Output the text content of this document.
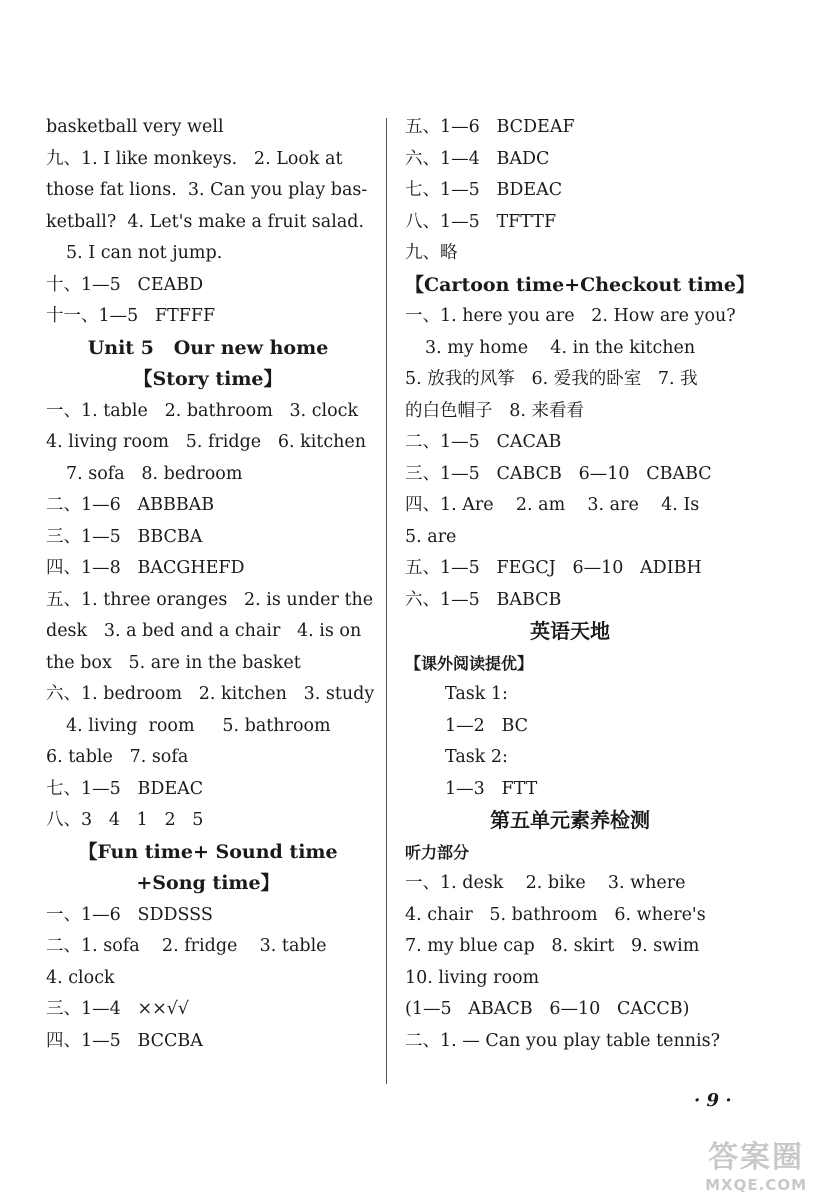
basketball very well
九、1. I like monkeys.   2. Look at
those fat lions.  3. Can you play bas-
ketball?  4. Let's make a fruit salad.
5. I can not jump.
十、1—5   CEABD
十一、1—5   FTFFF
Unit 5   Our new home
【Story time】
一、1. table   2. bathroom   3. clock
4. living room   5. fridge   6. kitchen
7. sofa   8. bedroom
二、1—6   ABBBAB
三、1—5   BBCBA
四、1—8   BACGHEFD
五、1. three oranges   2. is under the
desk   3. a bed and a chair   4. is on
the box   5. are in the basket
六、1. bedroom   2. kitchen   3. study
4. living  room     5. bathroom
6. table   7. sofa
七、1—5   BDEAC
八、3   4   1   2   5
【Fun time+ Sound time
+Song time】
一、1—6   SDDSSS
二、1. sofa    2. fridge    3. table
4. clock
三、1—4   ××√√
四、1—5   BCCBA
五、1—6   BCDEAF
六、1—4   BADC
七、1—5   BDEAC
八、1—5   TFTTF
九、略
【Cartoon time+Checkout time】
一、1. here you are   2. How are you?
3. my home    4. in the kitchen
5. 放我的风筝   6. 爱我的卧室   7. 我
的白色帽子   8. 来看看
二、1—5   CACAB
三、1—5   CABCB   6—10   CBABC
四、1. Are    2. am    3. are    4. Is
5. are
五、1—5   FEGCJ   6—10   ADIBH
六、1—5   BABCB
英语天地
【课外阅读提优】
Task 1:
1—2   BC
Task 2:
1—3   FTT
第五单元素养检测
听力部分
一、1. desk    2. bike    3. where
4. chair   5. bathroom   6. where's
7. my blue cap   8. skirt   9. swim
10. living room
(1—5   ABACB   6—10   CACCB)
二、1. — Can you play table tennis?
· 9 ·
答案圈
MXQE.COM
